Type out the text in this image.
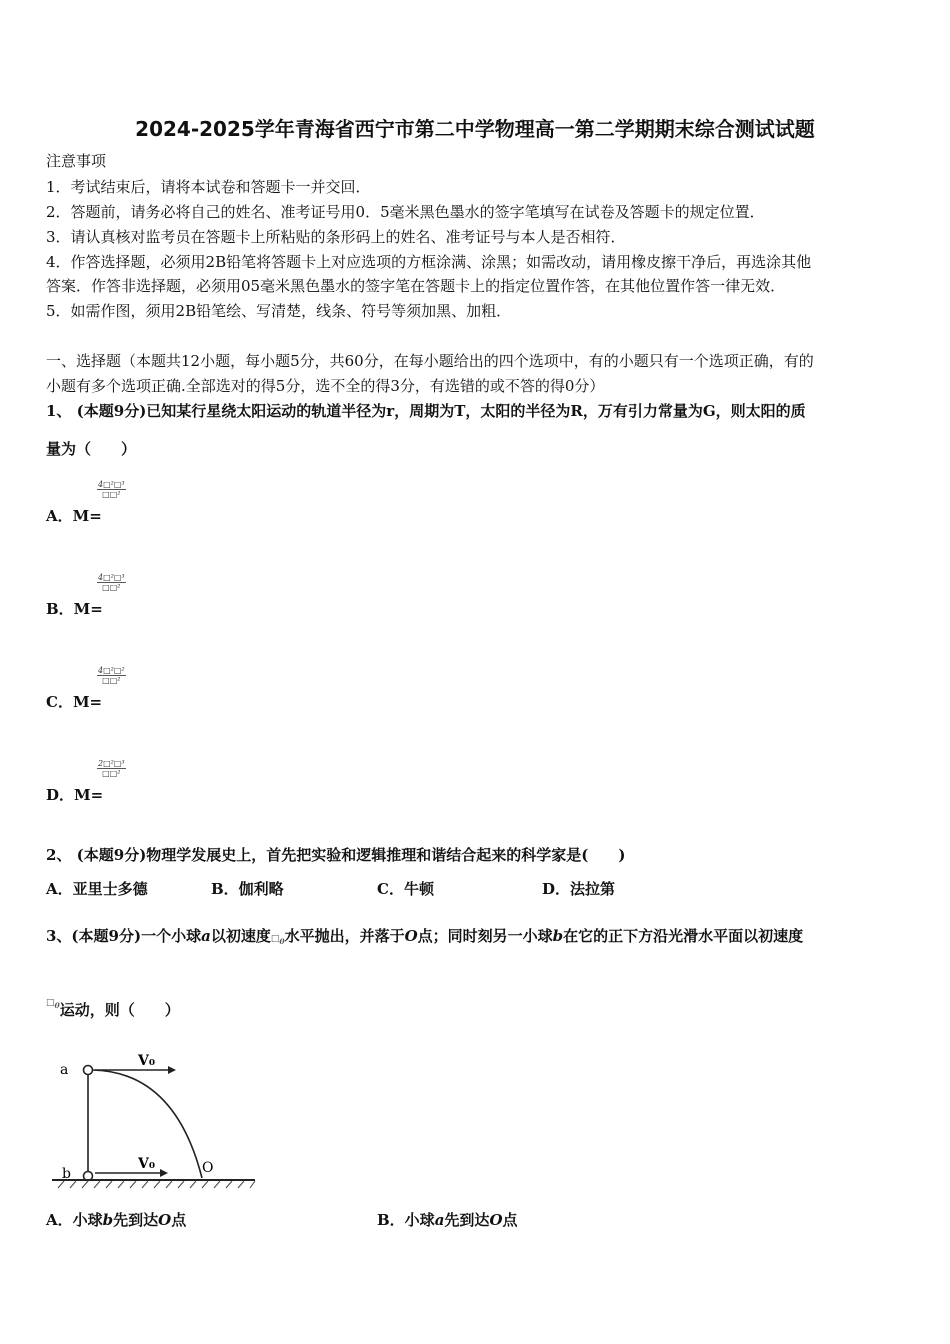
2024-2025学年青海省西宁市第二中学物理高一第二学期期末综合测试试题
注意事项
1．考试结束后，请将本试卷和答题卡一并交回．
2．答题前，请务必将自己的姓名、准考证号用0．5毫米黑色墨水的签字笔填写在试卷及答题卡的规定位置．
3．请认真核对监考员在答题卡上所粘贴的条形码上的姓名、准考证号与本人是否相符．
4．作答选择题，必须用2B铅笔将答题卡上对应选项的方框涂满、涂黑；如需改动，请用橡皮擦干净后，再选涂其他
答案．作答非选择题，必须用05毫米黑色墨水的签字笔在答题卡上的指定位置作答，在其他位置作答一律无效．
5．如需作图，须用2B铅笔绘、写清楚，线条、符号等须加黑、加粗．
一、选择题（本题共12小题，每小题5分，共60分，在每小题给出的四个选项中，有的小题只有一个选项正确，有的
小题有多个选项正确.全部选对的得5分，选不全的得3分，有选错的或不答的得0分）
1、 (本题9分)已知某行星绕太阳运动的轨道半径为r，周期为T，太阳的半径为R，万有引力常量为G，则太阳的质
量为（　　）
A．M=
4□²□³
□□²
B．M=
4□²□³
□□²
C．M=
4□²□²
□□²
D．M=
2□²□³
□□²
2、 (本题9分)物理学发展史上，首先把实验和逻辑推理和谐结合起来的科学家是(　　)
A．亚里士多德	B．伽利略	C．牛顿	D．法拉第
3、(本题9分)一个小球a以初速度$□_0$水平抛出，并落于O点；同时刻另一小球b在它的正下方沿光滑水平面以初速度
$^{□_0}$运动，则（　　）
a
b	O
V₀
V₀
A．小球b先到达O点	B．小球a先到达O点
